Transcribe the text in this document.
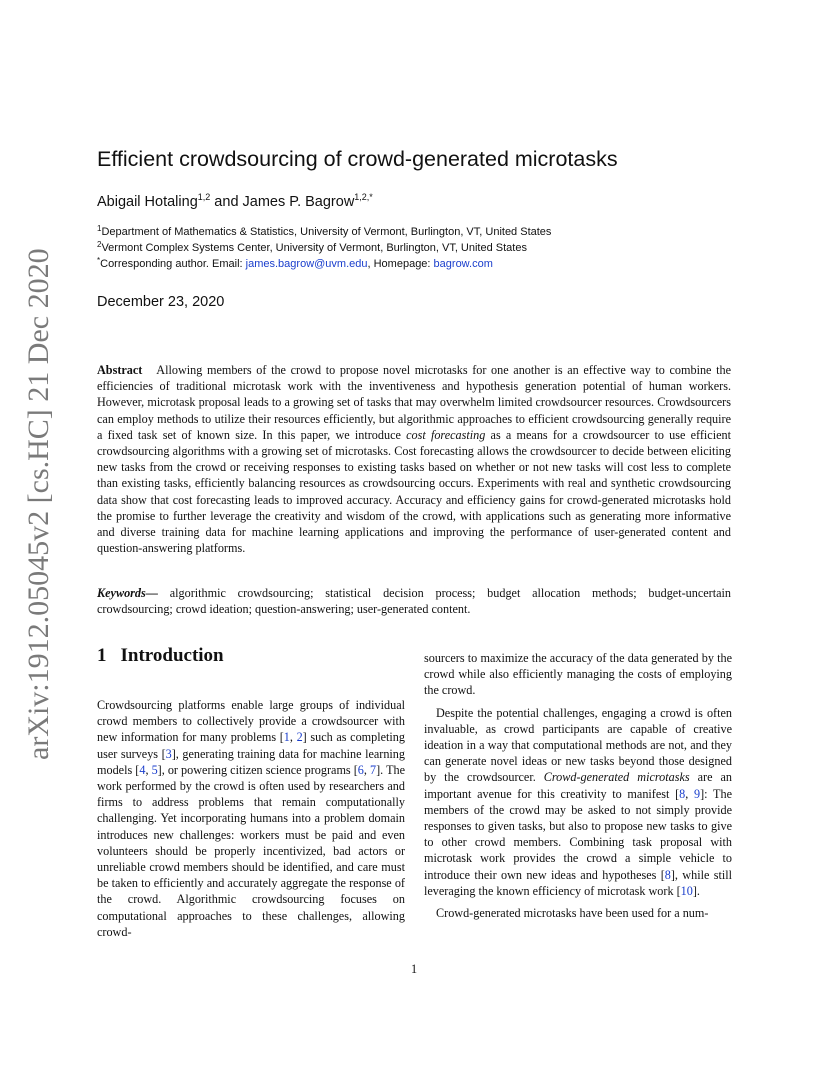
arXiv:1912.05045v2 [cs.HC] 21 Dec 2020
Efficient crowdsourcing of crowd-generated microtasks
Abigail Hotaling$^{1,2}$ and James P. Bagrow$^{1,2,*}$
$^1$Department of Mathematics & Statistics, University of Vermont, Burlington, VT, United States
$^2$Vermont Complex Systems Center, University of Vermont, Burlington, VT, United States
*Corresponding author. Email: james.bagrow@uvm.edu, Homepage: bagrow.com
December 23, 2020
Abstract Allowing members of the crowd to propose novel microtasks for one another is an effective way to combine the efficiencies of traditional microtask work with the inventiveness and hypothesis generation potential of human workers. However, microtask proposal leads to a growing set of tasks that may overwhelm limited crowdsourcer resources. Crowdsourcers can employ methods to utilize their resources efficiently, but algorithmic approaches to efficient crowdsourcing generally require a fixed task set of known size. In this paper, we introduce cost forecasting as a means for a crowdsourcer to use efficient crowdsourcing algorithms with a growing set of microtasks. Cost forecasting allows the crowdsourcer to decide between eliciting new tasks from the crowd or receiving responses to existing tasks based on whether or not new tasks will cost less to complete than existing tasks, efficiently balancing resources as crowdsourcing occurs. Experiments with real and synthetic crowdsourcing data show that cost forecasting leads to improved accuracy. Accuracy and efficiency gains for crowd-generated microtasks hold the promise to further leverage the creativity and wisdom of the crowd, with applications such as generating more informative and diverse training data for machine learning applications and improving the performance of user-generated content and question-answering platforms.
Keywords— algorithmic crowdsourcing; statistical decision process; budget allocation methods; budget-uncertain crowdsourcing; crowd ideation; question-answering; user-generated content.
1 Introduction

Crowdsourcing platforms enable large groups of individual crowd members to collectively provide a crowdsourcer with new information for many problems [1, 2] such as completing user surveys [3], generating training data for machine learning models [4, 5], or powering citizen science programs [6, 7]. The work performed by the crowd is often used by researchers and firms to address problems that remain computationally challenging. Yet incorporating humans into a problem domain introduces new challenges: workers must be paid and even volunteers should be properly incentivized, bad actors or unreliable crowd members should be identified, and care must be taken to efficiently and accurately aggregate the response of the crowd. Algorithmic crowdsourcing focuses on computational approaches to these challenges, allowing crowd-

sourcers to maximize the accuracy of the data generated by the crowd while also efficiently managing the costs of employing the crowd.

Despite the potential challenges, engaging a crowd is often invaluable, as crowd participants are capable of creative ideation in a way that computational methods are not, and they can generate novel ideas or new tasks beyond those designed by the crowdsourcer. Crowd-generated microtasks are an important avenue for this creativity to manifest [8, 9]: The members of the crowd may be asked to not simply provide responses to given tasks, but also to propose new tasks to give to other crowd members. Combining task proposal with microtask work provides the crowd a simple vehicle to introduce their own new ideas and hypotheses [8], while still leveraging the known efficiency of microtask work [10].

Crowd-generated microtasks have been used for a num-

1
